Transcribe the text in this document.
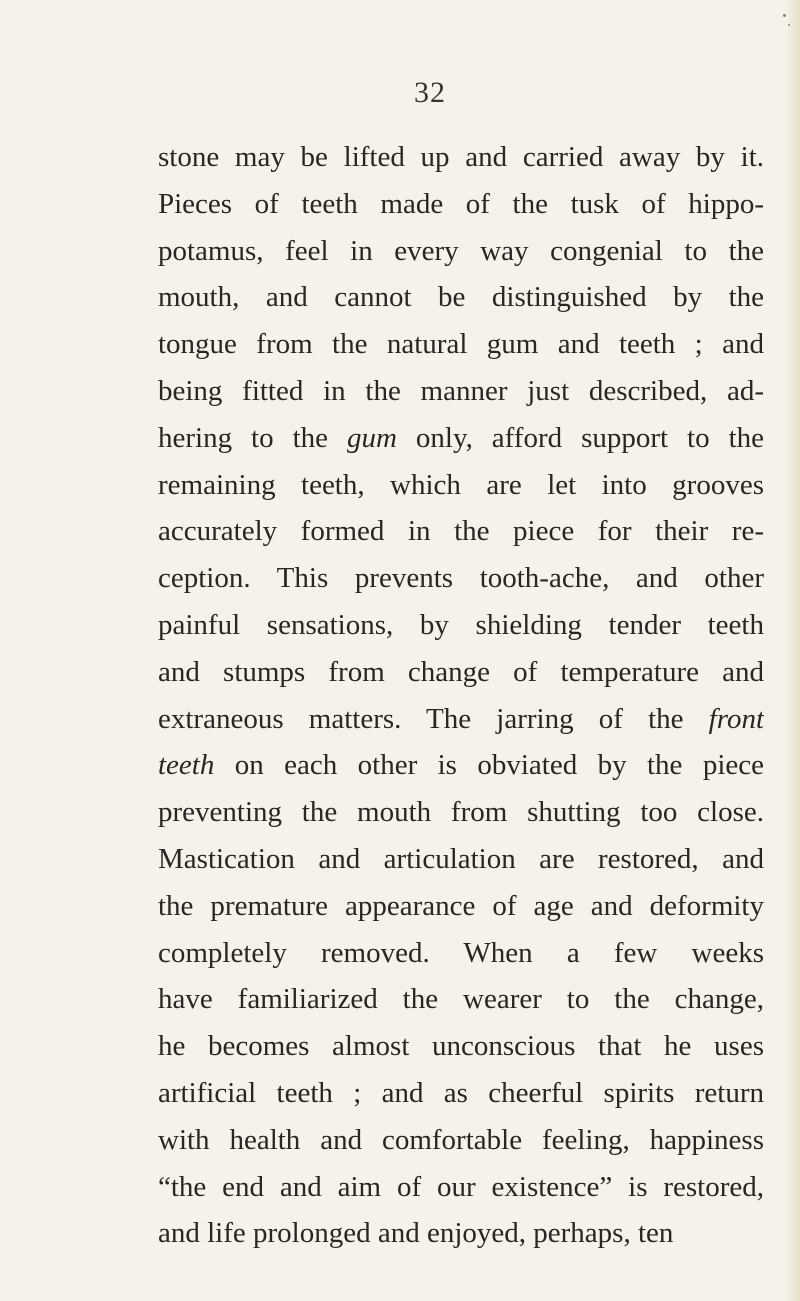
32
stone may be lifted up and carried away by it.
Pieces of teeth made of the tusk of hippo-
potamus, feel in every way congenial to the
mouth, and cannot be distinguished by the
tongue from the natural gum and teeth ; and
being fitted in the manner just described, ad-
hering to the gum only, afford support to the
remaining teeth, which are let into grooves
accurately formed in the piece for their re-
ception. This prevents tooth-ache, and other
painful sensations, by shielding tender teeth
and stumps from change of temperature and
extraneous matters. The jarring of the front
teeth on each other is obviated by the piece
preventing the mouth from shutting too close.
Mastication and articulation are restored, and
the premature appearance of age and deformity
completely removed. When a few weeks
have familiarized the wearer to the change,
he becomes almost unconscious that he uses
artificial teeth ; and as cheerful spirits return
with health and comfortable feeling, happiness
“the end and aim of our existence” is restored,
and life prolonged and enjoyed, perhaps, ten
